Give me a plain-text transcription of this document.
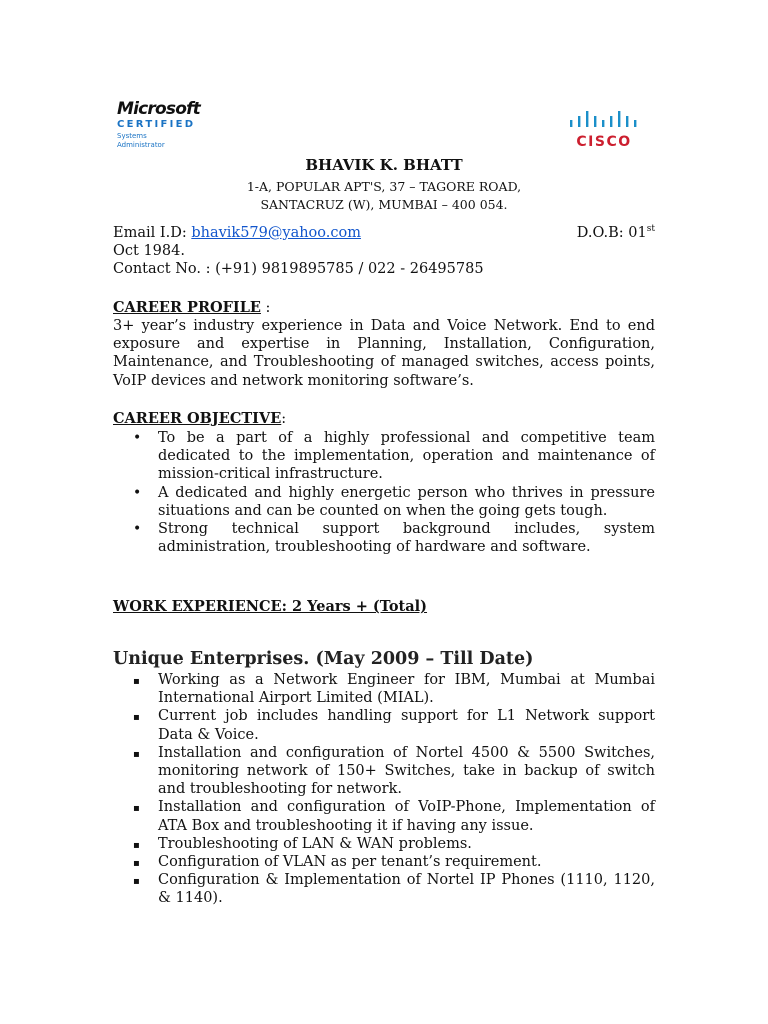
Microsoft
CERTIFIED
Systems Administrator	CISCO
BHAVIK K. BHATT
1-A, POPULAR APT'S, 37 – TAGORE ROAD,
SANTACRUZ (W), MUMBAI – 400 054.
Email I.D: bhavik579@yahoo.com	D.O.B: 01st
Oct 1984.
Contact No. : (+91) 9819895785 / 022 - 26495785
CAREER PROFILE :
3+ year’s industry experience in Data and Voice Network. End to end exposure and expertise in Planning, Installation, Configuration, Maintenance, and Troubleshooting of managed switches, access points, VoIP devices and network monitoring software’s.
CAREER OBJECTIVE:
• To be a part of a highly professional and competitive team dedicated to the implementation, operation and maintenance of mission-critical infrastructure.
• A dedicated and highly energetic person who thrives in pressure situations and can be counted on when the going gets tough.
• Strong technical support background includes, system administration, troubleshooting of hardware and software.
WORK EXPERIENCE: 2 Years + (Total)
Unique Enterprises. (May 2009 – Till Date)
▪ Working as a Network Engineer for IBM, Mumbai at Mumbai International Airport Limited (MIAL).
▪ Current job includes handling support for L1 Network support Data & Voice.
▪ Installation and configuration of Nortel 4500 & 5500 Switches, monitoring network of 150+ Switches, take in backup of switch and troubleshooting for network.
▪ Installation and configuration of VoIP-Phone, Implementation of ATA Box and troubleshooting it if having any issue.
▪ Troubleshooting of LAN & WAN problems.
▪ Configuration of VLAN as per tenant’s requirement.
▪ Configuration & Implementation of Nortel IP Phones (1110, 1120, & 1140).
